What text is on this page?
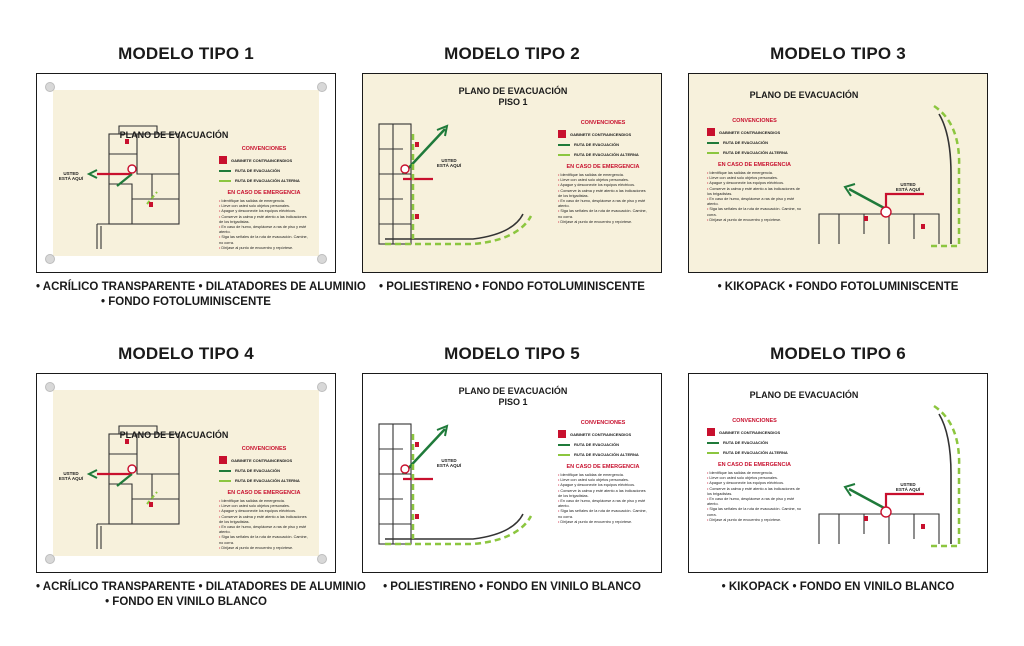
MODELO TIPO 1
PLANO DE EVACUACIÓN
USTED ESTÁ AQUÍ
CONVENCIONES
GABINETE CONTRAINCENDIOS
RUTA DE EVACUACIÓN
RUTA DE EVACUACIÓN ALTERNA
EN CASO DE EMERGENCIA
• Identifique las salidas de emergencia.
• Lleve con usted solo objetos personales.
• Apague y desconecte los equipos eléctricos.
• Conserve la calma y esté atento a las indicaciones de los brigadistas.
• En caso de humo, desplácese a ras de piso y esté atento.
• Siga las señales de la ruta de evacuación. Camine, no corra.
• Diríjase al punto de encuentro y repórtese.
• ACRÍLICO TRANSPARENTE • DILATADORES DE ALUMINIO
• FONDO FOTOLUMINISCENTE
MODELO TIPO 2
PLANO DE EVACUACIÓN
PISO 1
USTED ESTÁ AQUÍ
CONVENCIONES
GABINETE CONTRAINCENDIOS
RUTA DE EVACUACIÓN
RUTA DE EVACUACIÓN ALTERNA
EN CASO DE EMERGENCIA
• Identifique las salidas de emergencia.
• Lleve con usted solo objetos personales.
• Apague y desconecte los equipos eléctricos.
• Conserve la calma y esté atento a las indicaciones de los brigadistas.
• En caso de humo, desplácese a ras de piso y esté atento.
• Siga las señales de la ruta de evacuación. Camine, no corra.
• Diríjase al punto de encuentro y repórtese.
• POLIESTIRENO • FONDO FOTOLUMINISCENTE
MODELO TIPO 3
PLANO DE EVACUACIÓN
USTED ESTÁ AQUÍ
CONVENCIONES
GABINETE CONTRAINCENDIOS
RUTA DE EVACUACIÓN
RUTA DE EVACUACIÓN ALTERNA
EN CASO DE EMERGENCIA
• Identifique las salidas de emergencia.
• Lleve con usted solo objetos personales.
• Apague y desconecte los equipos eléctricos.
• Conserve la calma y esté atento a las indicaciones de los brigadistas.
• En caso de humo, desplácese a ras de piso y esté atento.
• Siga las señales de la ruta de evacuación. Camine, no corra.
• Diríjase al punto de encuentro y repórtese.
• KIKOPACK • FONDO FOTOLUMINISCENTE
MODELO TIPO 4
PLANO DE EVACUACIÓN
USTED ESTÁ AQUÍ
CONVENCIONES
GABINETE CONTRAINCENDIOS
RUTA DE EVACUACIÓN
RUTA DE EVACUACIÓN ALTERNA
EN CASO DE EMERGENCIA
• Identifique las salidas de emergencia.
• Lleve con usted solo objetos personales.
• Apague y desconecte los equipos eléctricos.
• Conserve la calma y esté atento a las indicaciones de los brigadistas.
• En caso de humo, desplácese a ras de piso y esté atento.
• Siga las señales de la ruta de evacuación. Camine, no corra.
• Diríjase al punto de encuentro y repórtese.
• ACRÍLICO TRANSPARENTE • DILATADORES DE ALUMINIO
• FONDO EN VINILO BLANCO
MODELO TIPO 5
PLANO DE EVACUACIÓN
PISO 1
USTED ESTÁ AQUÍ
CONVENCIONES
GABINETE CONTRAINCENDIOS
RUTA DE EVACUACIÓN
RUTA DE EVACUACIÓN ALTERNA
EN CASO DE EMERGENCIA
• Identifique las salidas de emergencia.
• Lleve con usted solo objetos personales.
• Apague y desconecte los equipos eléctricos.
• Conserve la calma y esté atento a las indicaciones de los brigadistas.
• En caso de humo, desplácese a ras de piso y esté atento.
• Siga las señales de la ruta de evacuación. Camine, no corra.
• Diríjase al punto de encuentro y repórtese.
• POLIESTIRENO • FONDO EN VINILO BLANCO
MODELO TIPO 6
PLANO DE EVACUACIÓN
USTED ESTÁ AQUÍ
CONVENCIONES
GABINETE CONTRAINCENDIOS
RUTA DE EVACUACIÓN
RUTA DE EVACUACIÓN ALTERNA
EN CASO DE EMERGENCIA
• Identifique las salidas de emergencia.
• Lleve con usted solo objetos personales.
• Apague y desconecte los equipos eléctricos.
• Conserve la calma y esté atento a las indicaciones de los brigadistas.
• En caso de humo, desplácese a ras de piso y esté atento.
• Siga las señales de la ruta de evacuación. Camine, no corra.
• Diríjase al punto de encuentro y repórtese.
• KIKOPACK • FONDO EN VINILO BLANCO
